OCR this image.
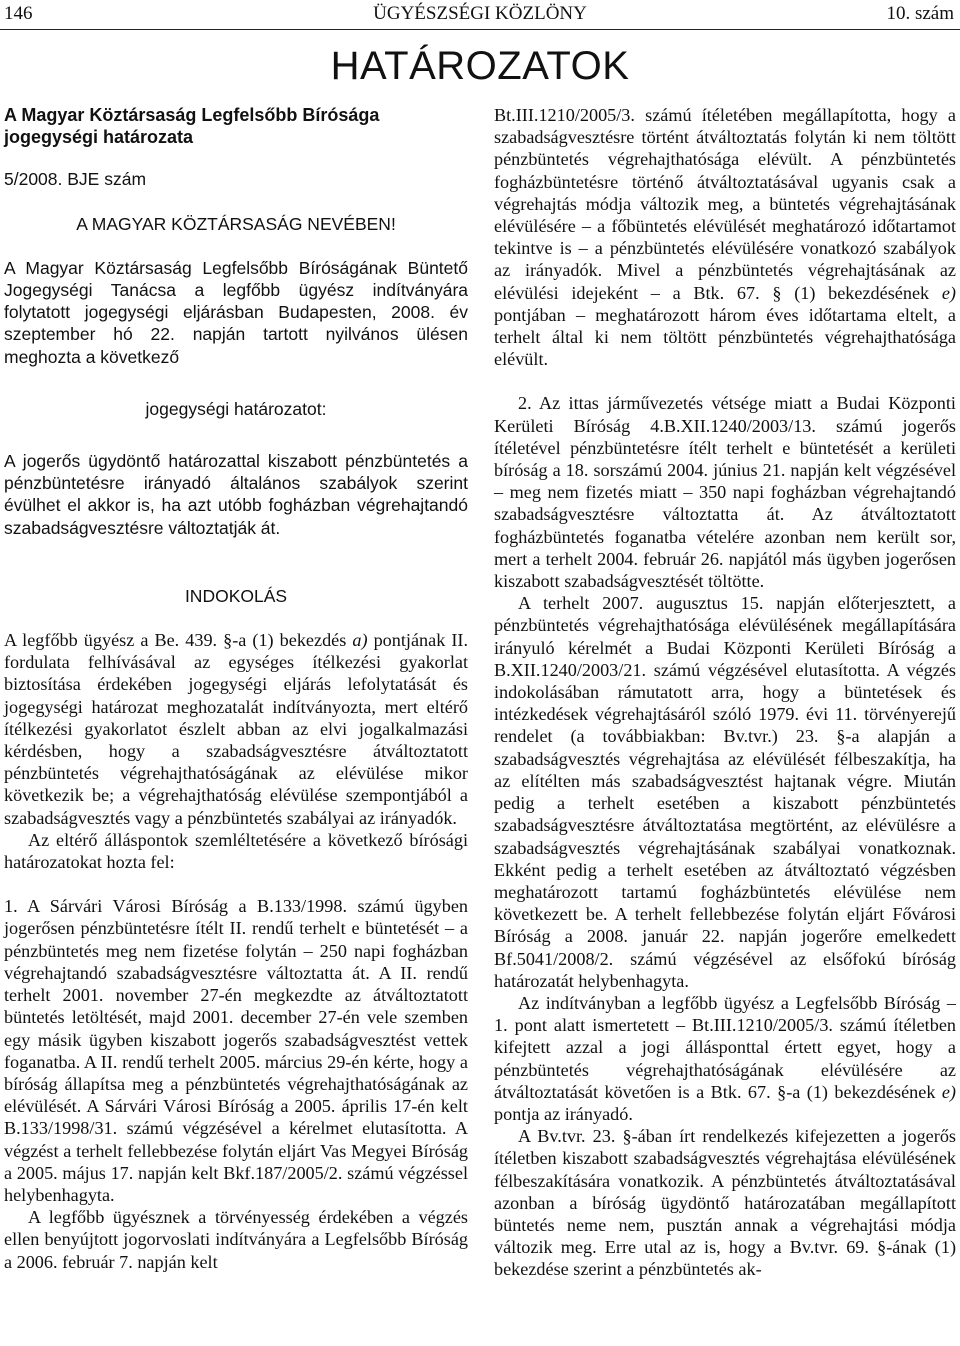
146	ÜGYÉSZSÉGI KÖZLÖNY	10. szám
HATÁROZATOK

A Magyar Köztársaság Legfelsőbb Bírósága

jogegységi határozata

5/2008. BJE szám

A MAGYAR KÖZTÁRSASÁG NEVÉBEN!

A Magyar Köztársaság Legfelsőbb Bíróságának Büntető Jogegységi Tanácsa a legfőbb ügyész indítványára folytatott jogegységi eljárásban Budapesten, 2008. év szeptember hó 22. napján tartott nyilvános ülésen meghozta a következő

jogegységi határozatot:

A jogerős ügydöntő határozattal kiszabott pénzbüntetés a pénzbüntetésre irányadó általános szabályok szerint évülhet el akkor is, ha azt utóbb fogházban végrehajtandó szabadságvesztésre változtatják át.

INDOKOLÁS

A legfőbb ügyész a Be. 439. §-a (1) bekezdés a) pontjának II. fordulata felhívásával az egységes ítélkezési gyakorlat biztosítása érdekében jogegységi eljárás lefolytatását és jogegységi határozat meghozatalát indítványozta, mert eltérő ítélkezési gyakorlatot észlelt abban az elvi jogalkalmazási kérdésben, hogy a szabadságvesztésre átváltoztatott pénzbüntetés végrehajthatóságának az elévülése mikor következik be; a végrehajthatóság elévülése szempontjából a szabadságvesztés vagy a pénzbüntetés szabályai az irányadók.

Az eltérő álláspontok szemléltetésére a következő bírósági határozatokat hozta fel:

1. A Sárvári Városi Bíróság a B.133/1998. számú ügyben jogerősen pénzbüntetésre ítélt II. rendű terhelt e büntetését – a pénzbüntetés meg nem fizetése folytán – 250 napi fogházban végrehajtandó szabadságvesztésre változtatta át. A II. rendű terhelt 2001. november 27-én megkezdte az átváltoztatott büntetés letöltését, majd 2001. december 27-én vele szemben egy másik ügyben kiszabott jogerős szabadságvesztést vettek foganatba. A II. rendű terhelt 2005. március 29-én kérte, hogy a bíróság állapítsa meg a pénzbüntetés végrehajthatóságának az elévülését. A Sárvári Városi Bíróság a 2005. április 17-én kelt B.133/1998/31. számú végzésével a kérelmet elutasította. A végzést a terhelt fellebbezése folytán eljárt Vas Megyei Bíróság a 2005. május 17. napján kelt Bkf.187/2005/2. számú végzéssel helybenhagyta.

A legfőbb ügyésznek a törvényesség érdekében a végzés ellen benyújtott jogorvoslati indítványára a Legfelsőbb Bíróság a 2006. február 7. napján kelt

Bt.III.1210/2005/3. számú ítéletében megállapította, hogy a szabadságvesztésre történt átváltoztatás folytán ki nem töltött pénzbüntetés végrehajthatósága elévült. A pénzbüntetés fogházbüntetésre történő átváltoztatásával ugyanis csak a végrehajtás módja változik meg, a büntetés végrehajtásának elévülésére – a főbüntetés elévülését meghatározó időtartamot tekintve is – a pénzbüntetés elévülésére vonatkozó szabályok az irányadók. Mivel a pénzbüntetés végrehajtásának az elévülési idejeként – a Btk. 67. § (1) bekezdésének e) pontjában – meghatározott három éves időtartama eltelt, a terhelt által ki nem töltött pénzbüntetés végrehajthatósága elévült.

2. Az ittas járművezetés vétsége miatt a Budai Központi Kerületi Bíróság 4.B.XII.1240/2003/13. számú jogerős ítéletével pénzbüntetésre ítélt terhelt e büntetését a kerületi bíróság a 18. sorszámú 2004. június 21. napján kelt végzésével – meg nem fizetés miatt – 350 napi fogházban végrehajtandó szabadságvesztésre változtatta át. Az átváltoztatott fogházbüntetés foganatba vételére azonban nem került sor, mert a terhelt 2004. február 26. napjától más ügyben jogerősen kiszabott szabadságvesztését töltötte.

A terhelt 2007. augusztus 15. napján előterjesztett, a pénzbüntetés végrehajthatósága elévülésének megállapítására irányuló kérelmét a Budai Központi Kerületi Bíróság a B.XII.1240/2003/21. számú végzésével elutasította. A végzés indokolásában rámutatott arra, hogy a büntetések és intézkedések végrehajtásáról szóló 1979. évi 11. törvényerejű rendelet (a továbbiakban: Bv.tvr.) 23. §-a alapján a szabadságvesztés végrehajtása az elévülését félbeszakítja, ha az elítélten más szabadságvesztést hajtanak végre. Miután pedig a terhelt esetében a kiszabott pénzbüntetés szabadságvesztésre átváltoztatása megtörtént, az elévülésre a szabadságvesztés végrehajtásának szabályai vonatkoznak. Ekként pedig a terhelt esetében az átváltoztató végzésben meghatározott tartamú fogházbüntetés elévülése nem következett be. A terhelt fellebbezése folytán eljárt Fővárosi Bíróság a 2008. január 22. napján jogerőre emelkedett Bf.5041/2008/2. számú végzésével az elsőfokú bíróság határozatát helybenhagyta.

Az indítványban a legfőbb ügyész a Legfelsőbb Bíróság – 1. pont alatt ismertetett – Bt.III.1210/2005/3. számú ítéletben kifejtett azzal a jogi állásponttal értett egyet, hogy a pénzbüntetés végrehajthatóságának elévülésére az átváltoztatását követően is a Btk. 67. §-a (1) bekezdésének e) pontja az irányadó.

A Bv.tvr. 23. §-ában írt rendelkezés kifejezetten a jogerős ítéletben kiszabott szabadságvesztés végrehajtása elévülésének félbeszakítására vonatkozik. A pénzbüntetés átváltoztatásával azonban a bíróság ügydöntő határozatában megállapított büntetés neme nem, pusztán annak a végrehajtási módja változik meg. Erre utal az is, hogy a Bv.tvr. 69. §-ának (1) bekezdése szerint a pénzbüntetés ak-
